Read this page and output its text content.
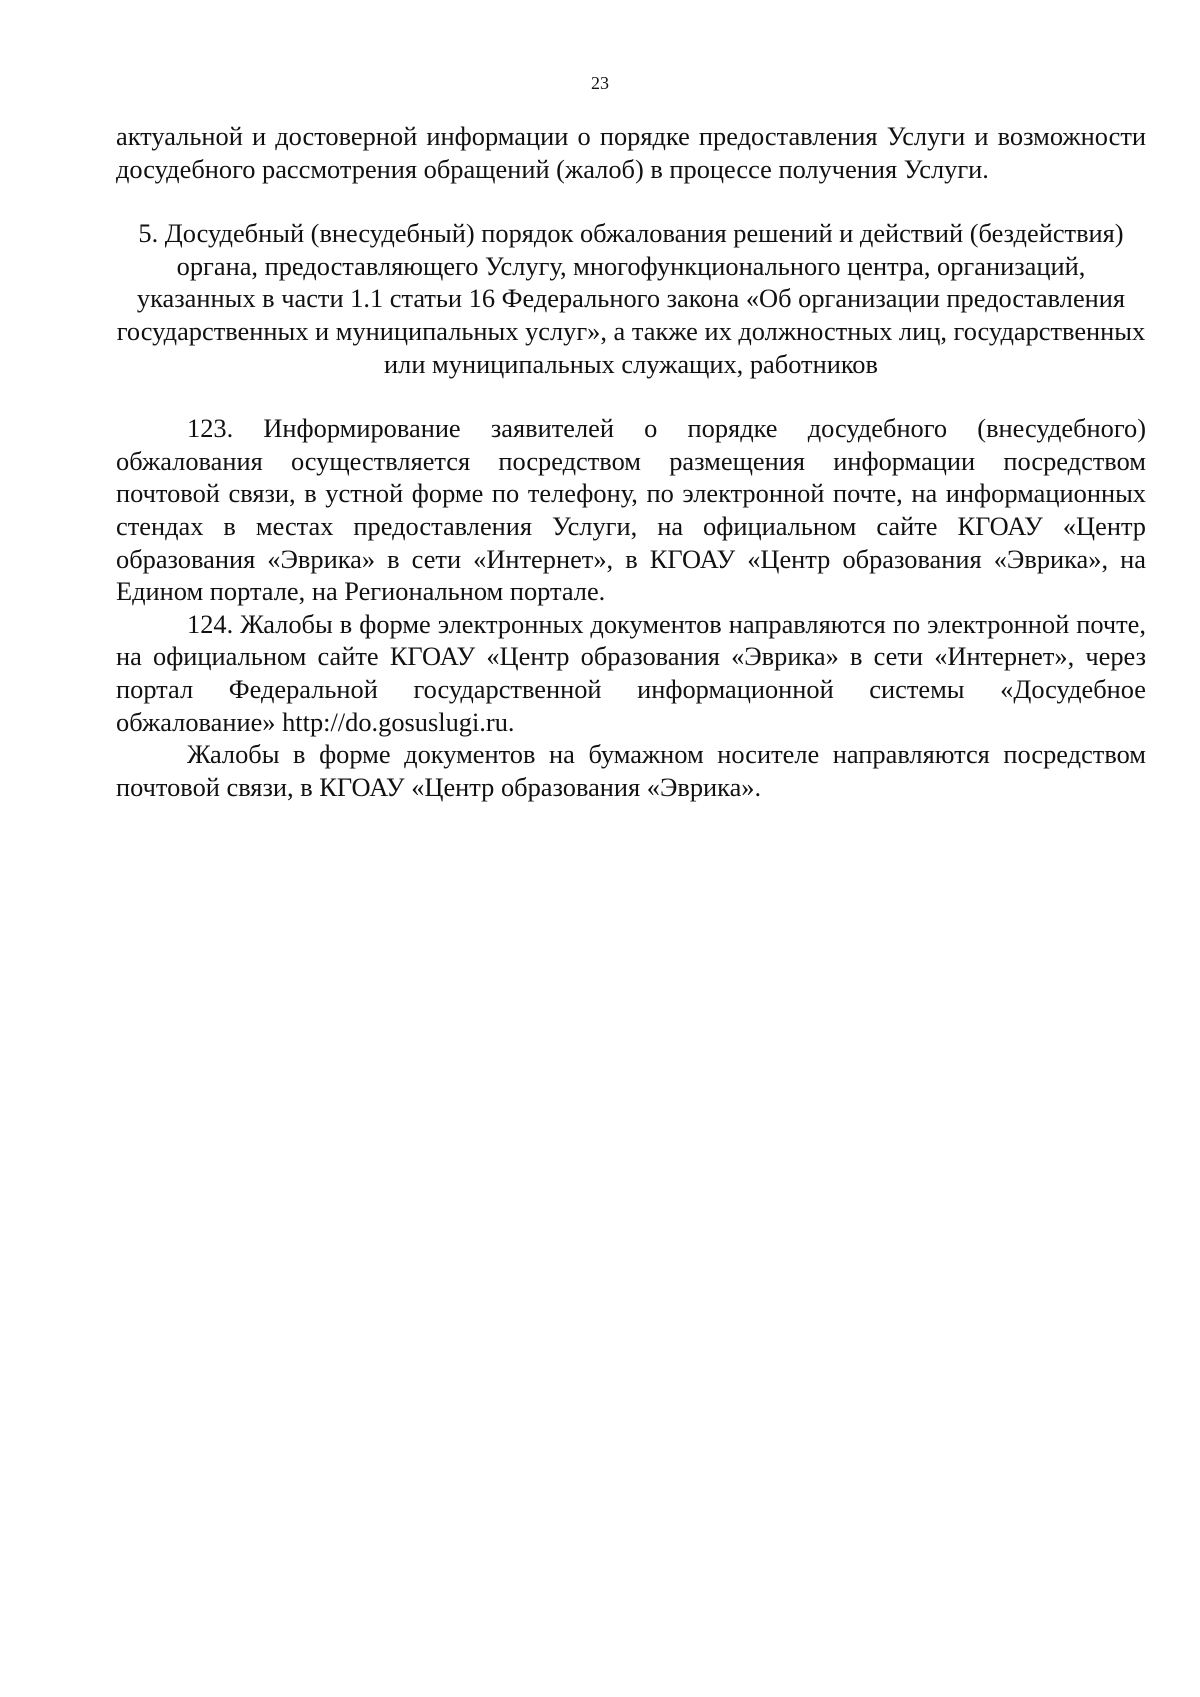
23

актуальной и достоверной информации о порядке предоставления Услуги и возможности досудебного рассмотрения обращений (жалоб) в процессе получения Услуги.

5. Досудебный (внесудебный) порядок обжалования решений и действий (бездействия) органа, предоставляющего Услугу, многофункционального центра, организаций, указанных в части 1.1 статьи 16 Федерального закона «Об организации предоставления государственных и муниципальных услуг», а также их должностных лиц, государственных или муниципальных служащих, работников

123. Информирование заявителей о порядке досудебного (внесудебного) обжалования осуществляется посредством размещения информации посредством почтовой связи, в устной форме по телефону, по электронной почте, на информационных стендах в местах предоставления Услуги, на официальном сайте КГОАУ «Центр образования «Эврика» в сети «Интернет», в КГОАУ «Центр образования «Эврика», на Едином портале, на Региональном портале.

124. Жалобы в форме электронных документов направляются по электронной почте, на официальном сайте КГОАУ «Центр образования «Эврика» в сети «Интернет», через портал Федеральной государственной информационной системы «Досудебное обжалование» http://do.gosuslugi.ru.

Жалобы в форме документов на бумажном носителе направляются посредством почтовой связи, в КГОАУ «Центр образования «Эврика».
